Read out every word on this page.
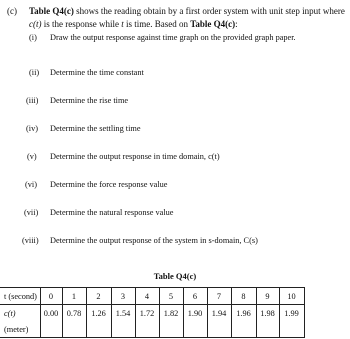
(c) Table Q4(c) shows the reading obtain by a first order system with unit step input where
c(t) is the response while t is time. Based on Table Q4(c):
(i) Draw the output response against time graph on the provided graph paper.
(ii) Determine the time constant
(iii) Determine the rise time
(iv) Determine the settling time
(v) Determine the output response in time domain, c(t)
(vi) Determine the force response value
(vii) Determine the natural response value
(viii) Determine the output response of the system in s-domain, C(s)
Table Q4(c)
t (second)	0	1	2	3	4	5	6	7	8	9	10
c(t)	0.00	0.78	1.26	1.54	1.72	1.82	1.90	1.94	1.96	1.98	1.99
(meter)											
